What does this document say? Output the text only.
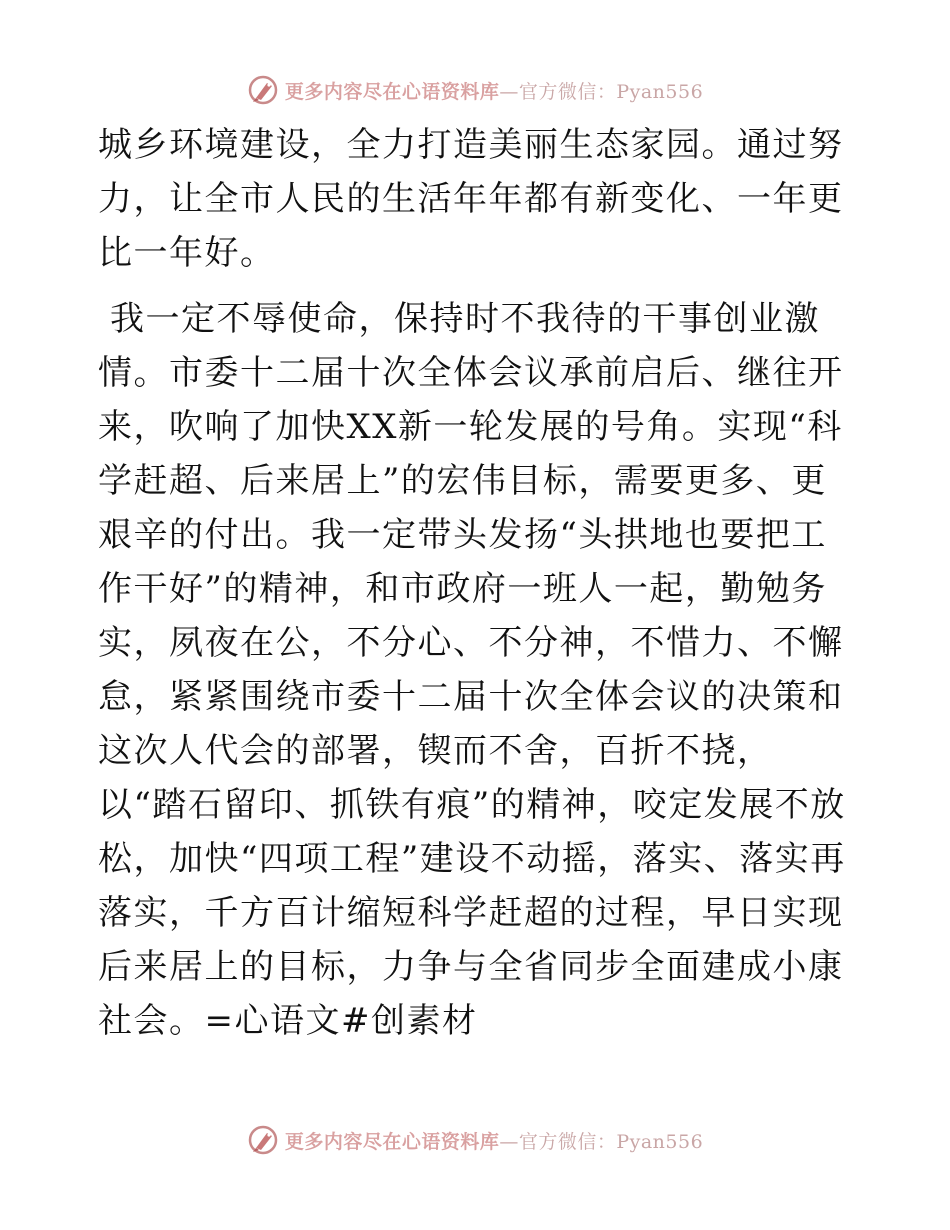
更多内容尽在心语资料库—官方微信：Pyan556

城乡环境建设，全力打造美丽生态家园。通过努力，让全市人民的生活年年都有新变化、一年更比一年好。

我一定不辱使命，保持时不我待的干事创业激情。市委十二届十次全体会议承前启后、继往开来，吹响了加快XX新一轮发展的号角。实现“科学赶超、后来居上”的宏伟目标，需要更多、更艰辛的付出。我一定带头发扬“头拱地也要把工作干好”的精神，和市政府一班人一起，勤勉务实，夙夜在公，不分心、不分神，不惜力、不懈怠，紧紧围绕市委十二届十次全体会议的决策和这次人代会的部署，锲而不舍，百折不挠，以“踏石留印、抓铁有痕”的精神，咬定发展不放松，加快“四项工程”建设不动摇，落实、落实再落实，千方百计缩短科学赶超的过程，早日实现后来居上的目标，力争与全省同步全面建成小康社会。=心语文#创素材

更多内容尽在心语资料库—官方微信：Pyan556
